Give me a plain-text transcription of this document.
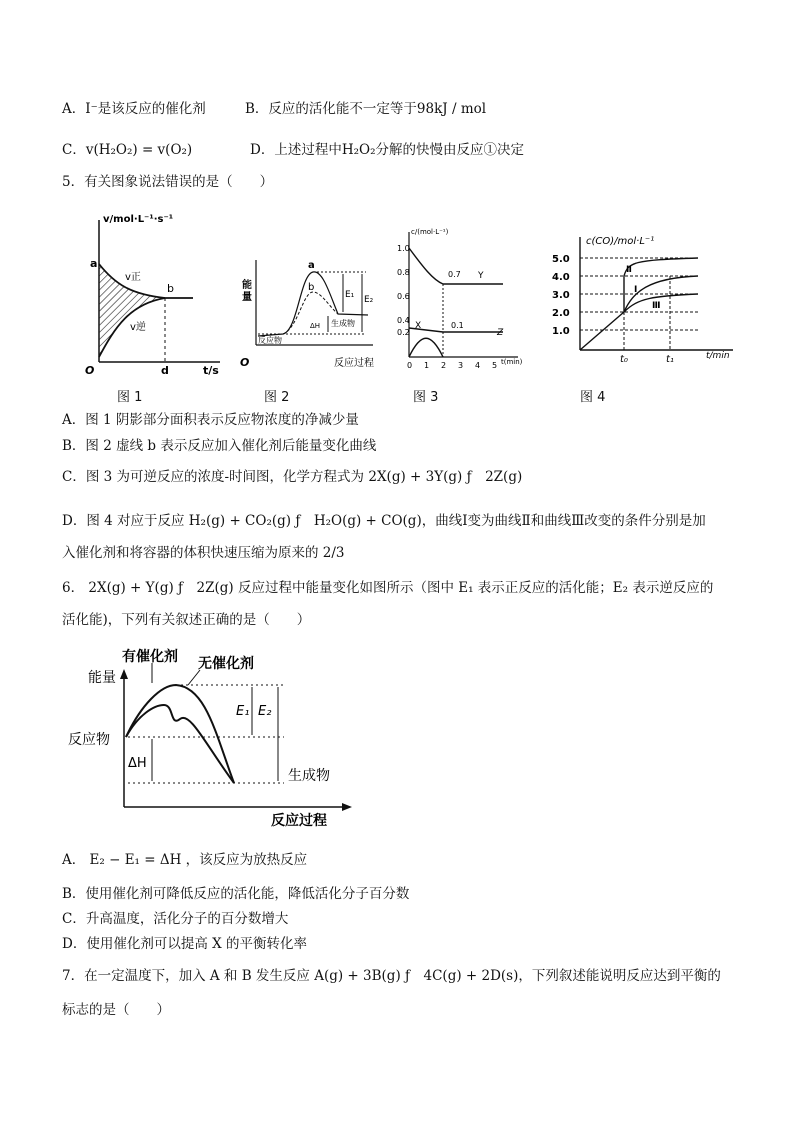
A．I⁻是该反应的催化剂	B．反应的活化能不一定等于98kJ / mol
C．v(H₂O₂) = v(O₂)	D．上述过程中H₂O₂分解的快慢由反应①决定
5．有关图象说法错误的是（　　）
v/mol·L⁻¹·s⁻¹
a
b
v正
v逆
O	d	t/s
图 1
能
量
a
b
E₁ E₂
ΔH 生成物
反应物
O	反应过程
图 2
c/(mol·L⁻¹)
1.0
0.8
0.6
0.4
0.2
0.7 Y
0.1
X
Z
0 1 2 3 4 5 t(min)
图 3
c(CO)/mol·L⁻¹
5.0
4.0
3.0
2.0
1.0
Ⅱ
Ⅰ
Ⅲ
t₀	t₁	t/min
图 4
A．图 1 阴影部分面积表示反应物浓度的净减少量
B．图 2 虚线 b 表示反应加入催化剂后能量变化曲线
C．图 3 为可逆反应的浓度-时间图，化学方程式为 2X(g) + 3Y(g) ƒ　2Z(g)
D．图 4 对应于反应 H₂(g) + CO₂(g) ƒ　H₂O(g) + CO(g)，曲线Ⅰ变为曲线Ⅱ和曲线Ⅲ改变的条件分别是加
入催化剂和将容器的体积快速压缩为原来的 2/3
6． 2X(g) + Y(g) ƒ　2Z(g) 反应过程中能量变化如图所示（图中 E₁ 表示正反应的活化能；E₂ 表示逆反应的
活化能)，下列有关叙述正确的是（　　）
有催化剂 无催化剂
能量
反应物
E₁ E₂
ΔH
生成物
反应过程
A． E₂ − E₁ = ΔH ，该反应为放热反应
B．使用催化剂可降低反应的活化能，降低活化分子百分数
C．升高温度，活化分子的百分数增大
D．使用催化剂可以提高 X 的平衡转化率
7．在一定温度下，加入 A 和 B 发生反应 A(g) + 3B(g) ƒ　4C(g) + 2D(s)，下列叙述能说明反应达到平衡的
标志的是（　　）
